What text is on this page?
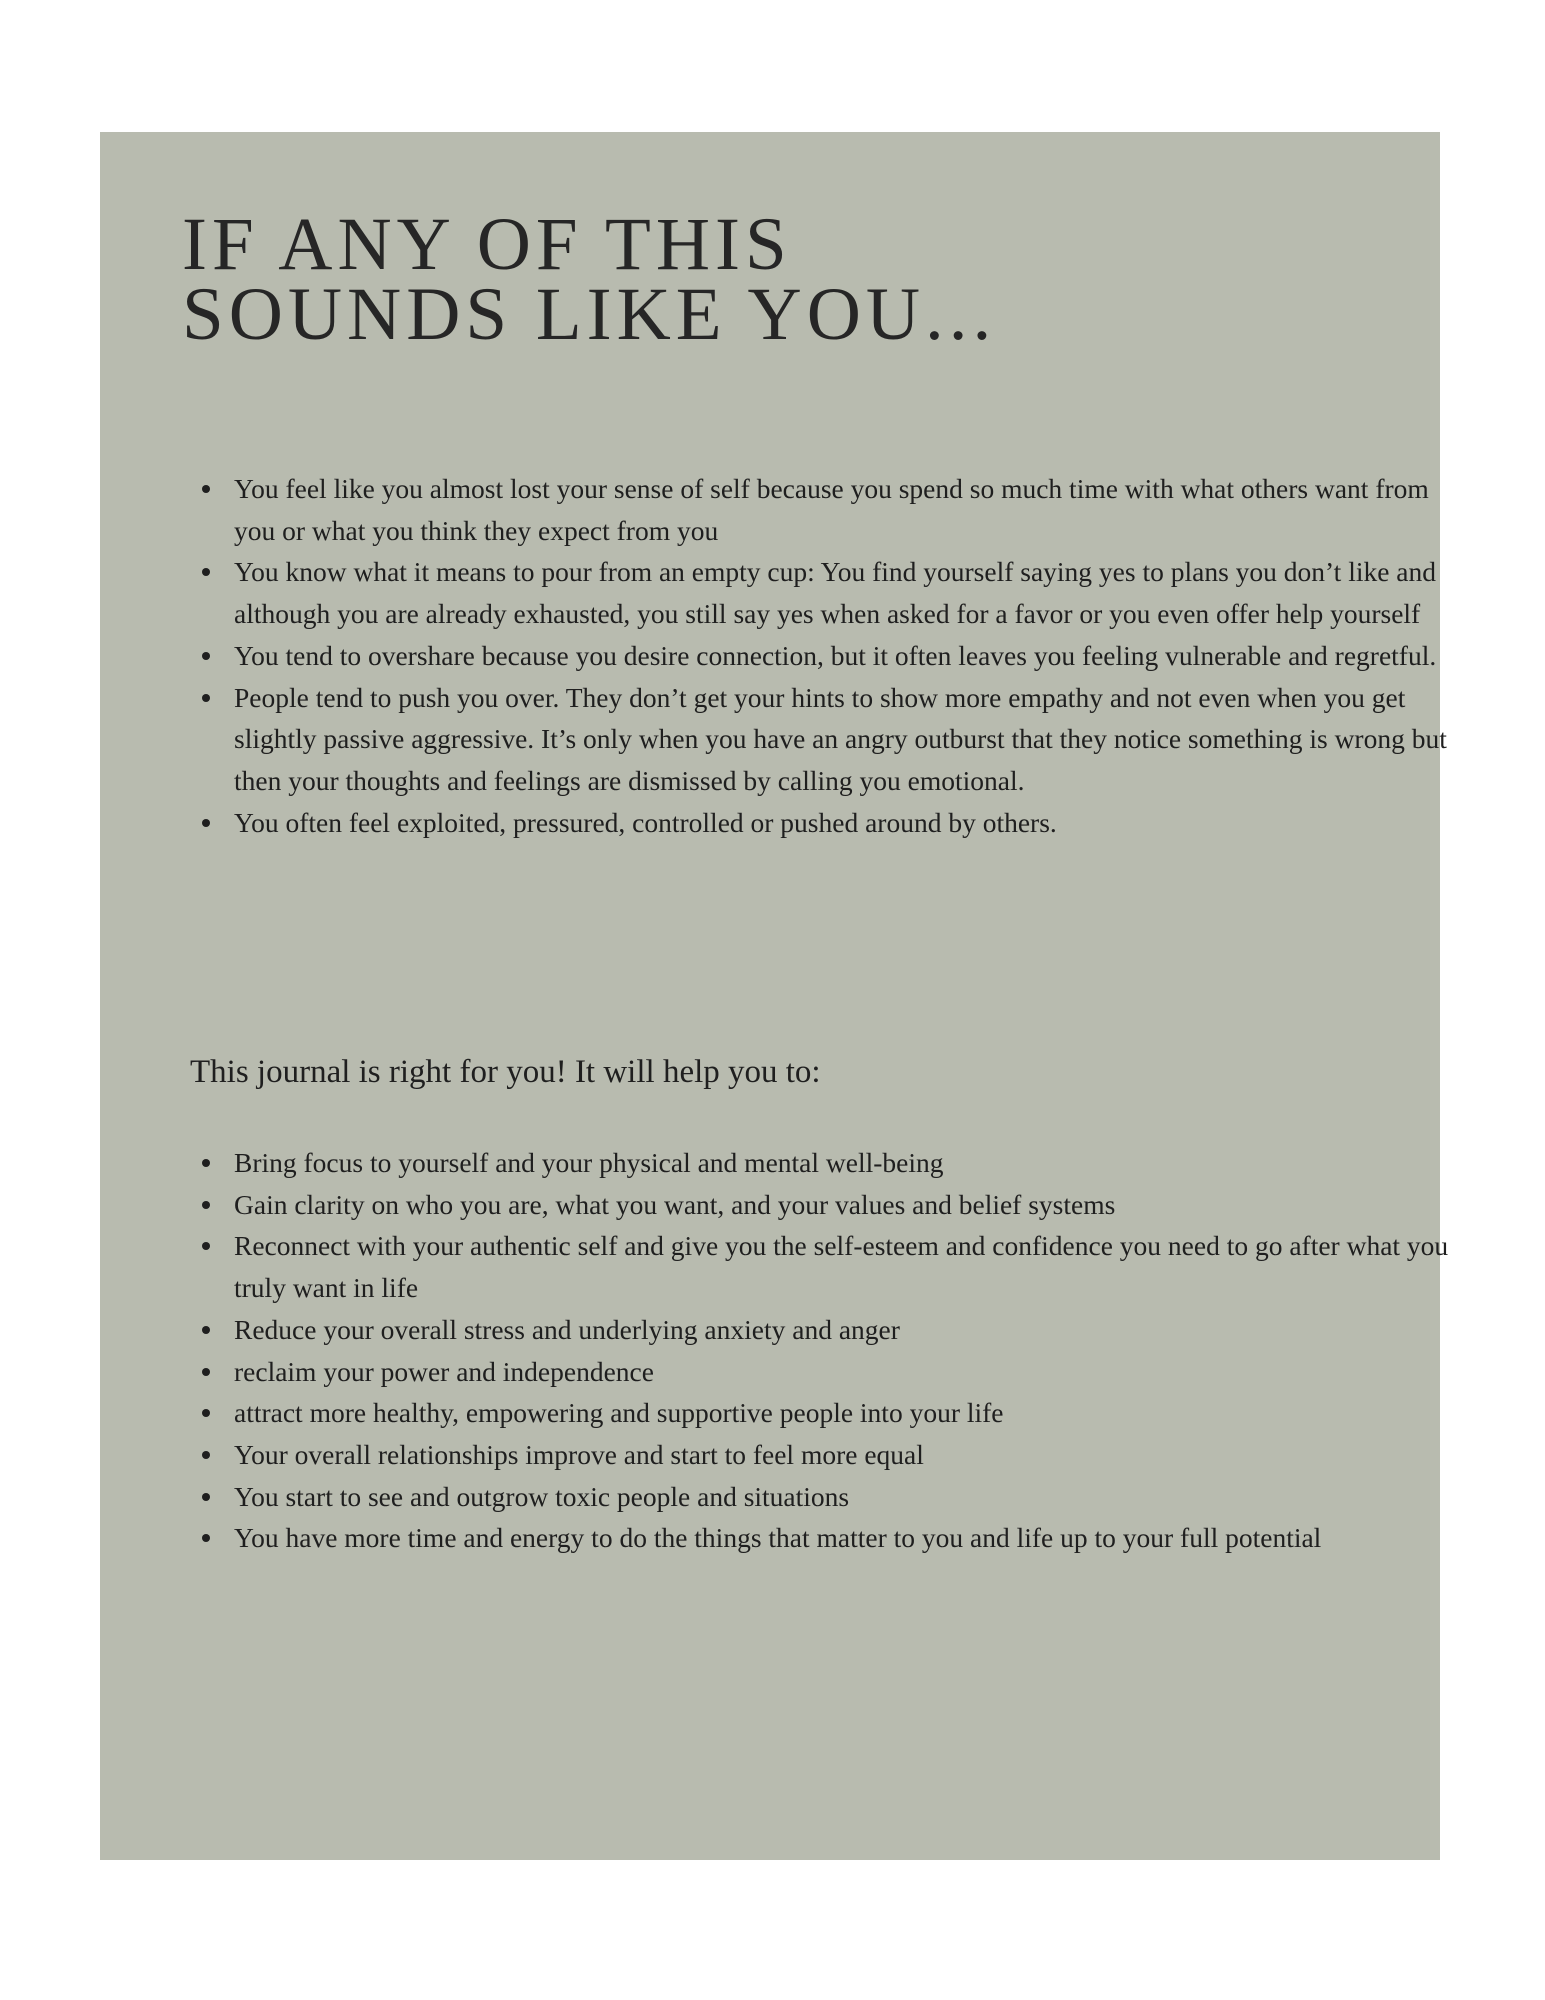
IF ANY OF THIS
SOUNDS LIKE YOU...
You feel like you almost lost your sense of self because you spend so much time with what others want from you or what you think they expect from you
You know what it means to pour from an empty cup: You find yourself saying yes to plans you don’t like and although you are already exhausted, you still say yes when asked for a favor or you even offer help yourself
You tend to overshare because you desire connection, but it often leaves you feeling vulnerable and regretful.
People tend to push you over. They don’t get your hints to show more empathy and not even when you get slightly passive aggressive. It’s only when you have an angry outburst that they notice something is wrong but then your thoughts and feelings are dismissed by calling you emotional.
You often feel exploited, pressured, controlled or pushed around by others.

This journal is right for you! It will help you to:

Bring focus to yourself and your physical and mental well-being
Gain clarity on who you are, what you want, and your values and belief systems
Reconnect with your authentic self and give you the self-esteem and confidence you need to go after what you truly want in life
Reduce your overall stress and underlying anxiety and anger
reclaim your power and independence
attract more healthy, empowering and supportive people into your life
Your overall relationships improve and start to feel more equal
You start to see and outgrow toxic people and situations
You have more time and energy to do the things that matter to you and life up to your full potential
